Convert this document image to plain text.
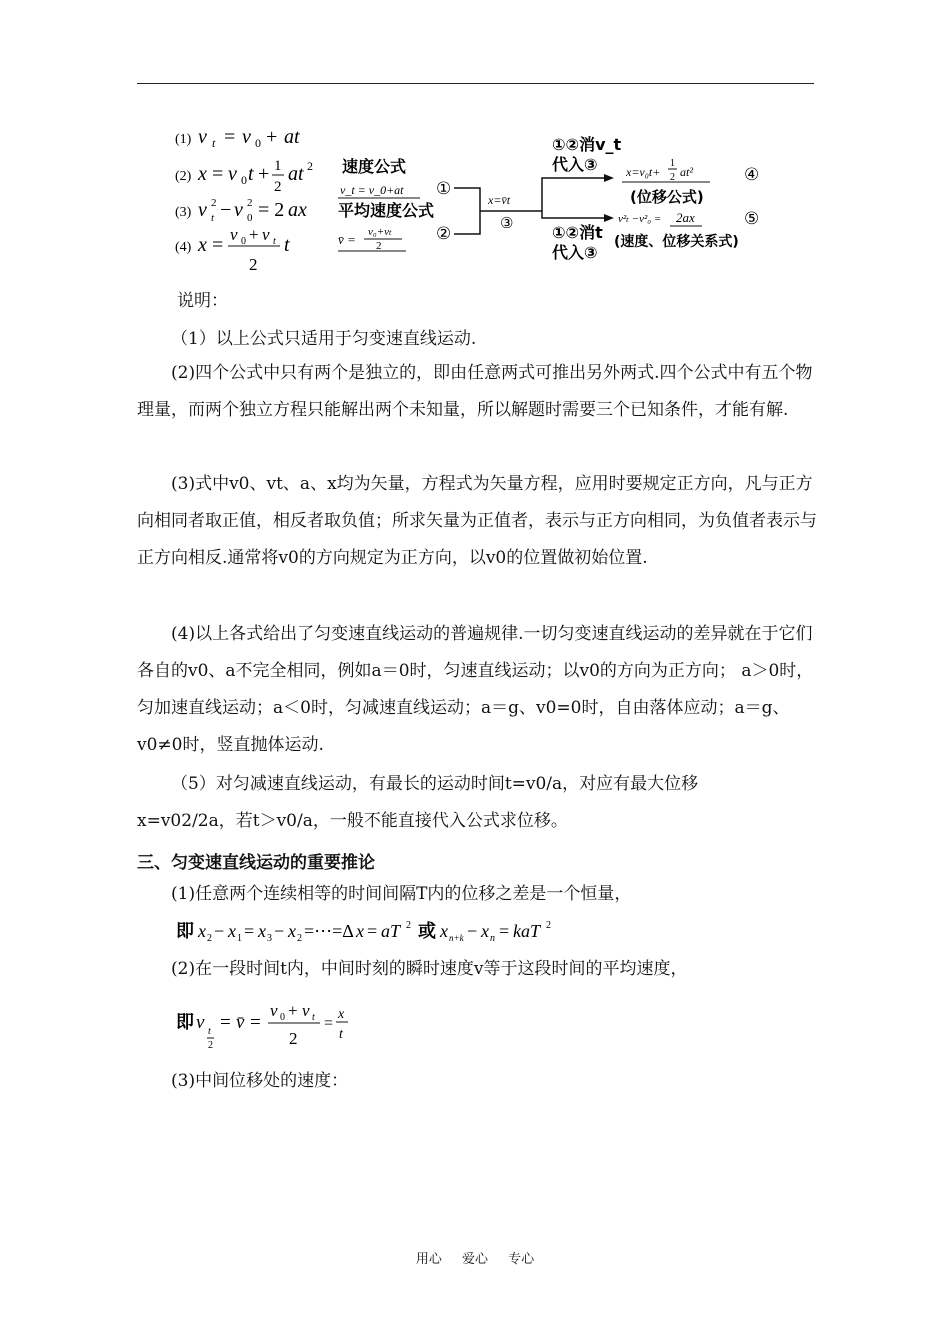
(1) v t = v 0 + at
(2) x = v 0 t + 1
2
at 2
(3) v 2
t − v 2
0 = 2 ax
(4) x = v 0 + v t
2
t
速度公式
v_t = v_0+at
平均速度公式
v̄ = v₀+vₜ
2
①
②
x=v̄t
③
①②消v_t
代入③
①②消t
代入③
x=v₀t+
1
2 at²
(位移公式)
v²ₜ −v²₀ = 2ax
(速度、位移关系式)
④
⑤
说明：
（1）以上公式只适用于匀变速直线运动.
(2)四个公式中只有两个是独立的，即由任意两式可推出另外两式.四个公式中有五个物理量，而两个独立方程只能解出两个未知量，所以解题时需要三个已知条件，才能有解.
(3)式中v0、vt、a、x均为矢量，方程式为矢量方程，应用时要规定正方向，凡与正方向相同者取正值，相反者取负值；所求矢量为正值者，表示与正方向相同，为负值者表示与正方向相反.通常将v0的方向规定为正方向，以v0的位置做初始位置.
(4)以上各式给出了匀变速直线运动的普遍规律.一切匀变速直线运动的差异就在于它们各自的v0、a不完全相同，例如a＝0时，匀速直线运动；以v0的方向为正方向； a＞0时，匀加速直线运动；a＜0时，匀减速直线运动；a＝g、v0=0时，自由落体应动；a＝g、v0≠0时，竖直抛体运动.
（5）对匀减速直线运动，有最长的运动时间t=v0/a，对应有最大位移
x=v02/2a，若t＞v0/a，一般不能直接代入公式求位移。
三、匀变速直线运动的重要推论
(1)任意两个连续相等的时间间隔T内的位移之差是一个恒量，
即 x 2 − x 1 = x 3 − x 2 =⋯=Δ x = aT 2 或 x n+k − x n = kaT 2
(2)在一段时间t内，中间时刻的瞬时速度v等于这段时间的平均速度，
即 v t
2
= v̄ =
v 0 + v t
2
=
x
t
(3)中间位移处的速度：
用心 爱心 专心
